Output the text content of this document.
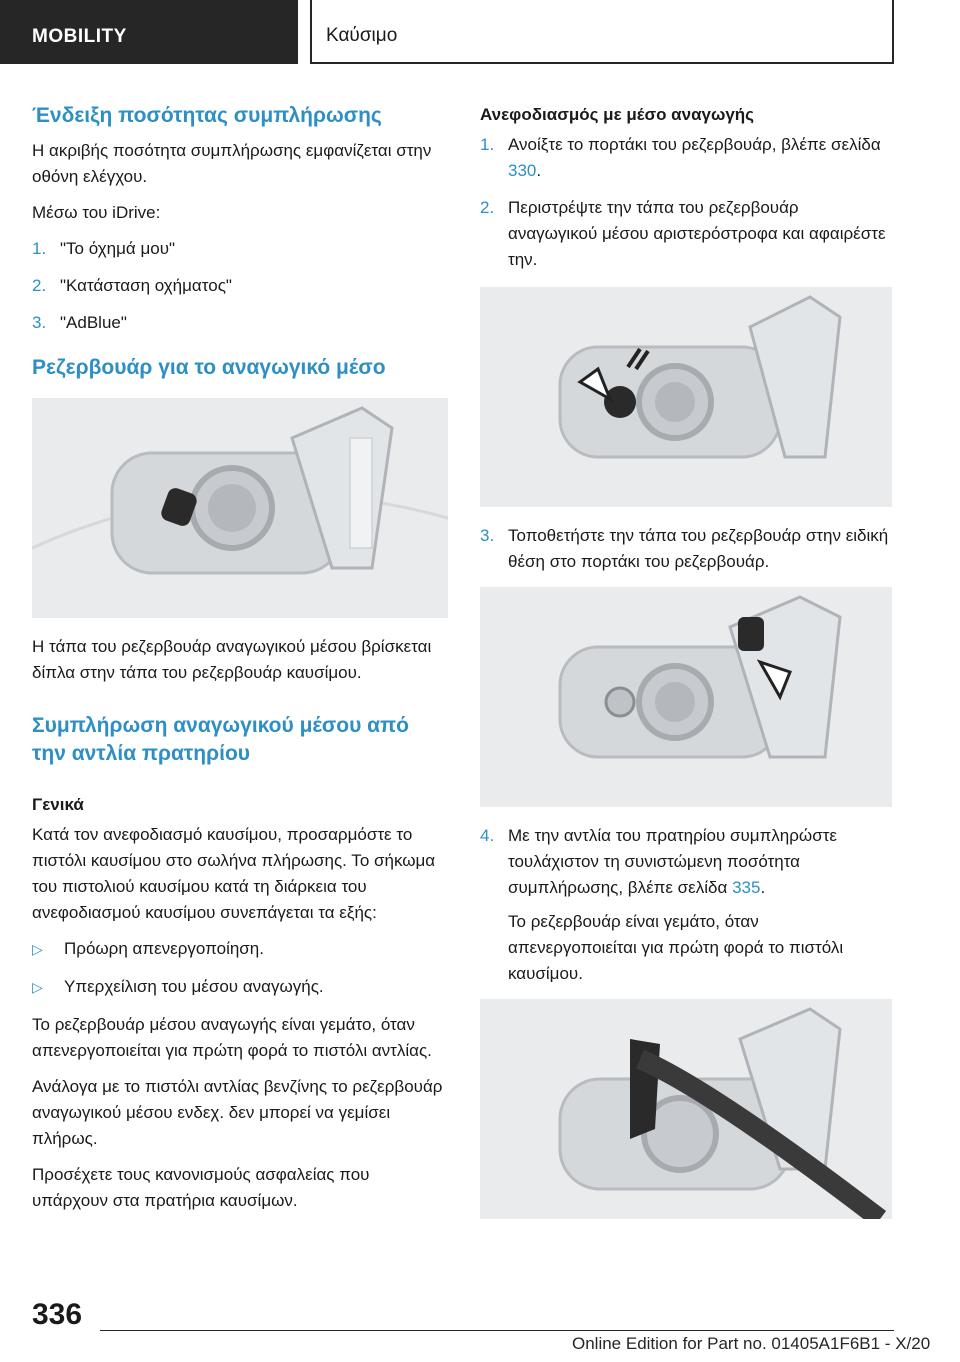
MOBILITY	Καύσιμο
Ένδειξη ποσότητας συμπλήρωσης

Η ακριβής ποσότητα συμπλήρωσης εμφανίζεται στην οθόνη ελέγχου.

Μέσω του iDrive:

1. "Το όχημά μου"
2. "Κατάσταση οχήματος"
3. "AdBlue"
Ρεζερβουάρ για το αναγωγικό μέσο

Η τάπα του ρεζερβουάρ αναγωγικού μέσου βρίσκεται δίπλα στην τάπα του ρεζερβουάρ καυσίμου.

Συμπλήρωση αναγωγικού μέσου από την αντλία πρατηρίου
Γενικά

Κατά τον ανεφοδιασμό καυσίμου, προσαρμόστε το πιστόλι καυσίμου στο σωλήνα πλήρωσης. Το σήκωμα του πιστολιού καυσίμου κατά τη διάρκεια του ανεφοδιασμού καυσίμου συνεπάγεται τα εξής:

▷ Πρόωρη απενεργοποίηση.
▷ Υπερχείλιση του μέσου αναγωγής.

Το ρεζερβουάρ μέσου αναγωγής είναι γεμάτο, όταν απενεργοποιείται για πρώτη φορά το πιστόλι αντλίας.

Ανάλογα με το πιστόλι αντλίας βενζίνης το ρεζερβουάρ αναγωγικού μέσου ενδεχ. δεν μπορεί να γεμίσει πλήρως.

Προσέχετε τους κανονισμούς ασφαλείας που υπάρχουν στα πρατήρια καυσίμων.

Ανεφοδιασμός με μέσο αναγωγής
1. Ανοίξτε το πορτάκι του ρεζερβουάρ, βλέπε σελίδα 330.
2. Περιστρέψτε την τάπα του ρεζερβουάρ αναγωγικού μέσου αριστερόστροφα και αφαιρέστε την.
3. Τοποθετήστε την τάπα του ρεζερβουάρ στην ειδική θέση στο πορτάκι του ρεζερβουάρ.
4. Με την αντλία του πρατηρίου συμπληρώστε τουλάχιστον τη συνιστώμενη ποσότητα συμπλήρωσης, βλέπε σελίδα 335.

Το ρεζερβουάρ είναι γεμάτο, όταν απενεργοποιείται για πρώτη φορά το πιστόλι καυσίμου.

336
Online Edition for Part no. 01405A1F6B1 - X/20
